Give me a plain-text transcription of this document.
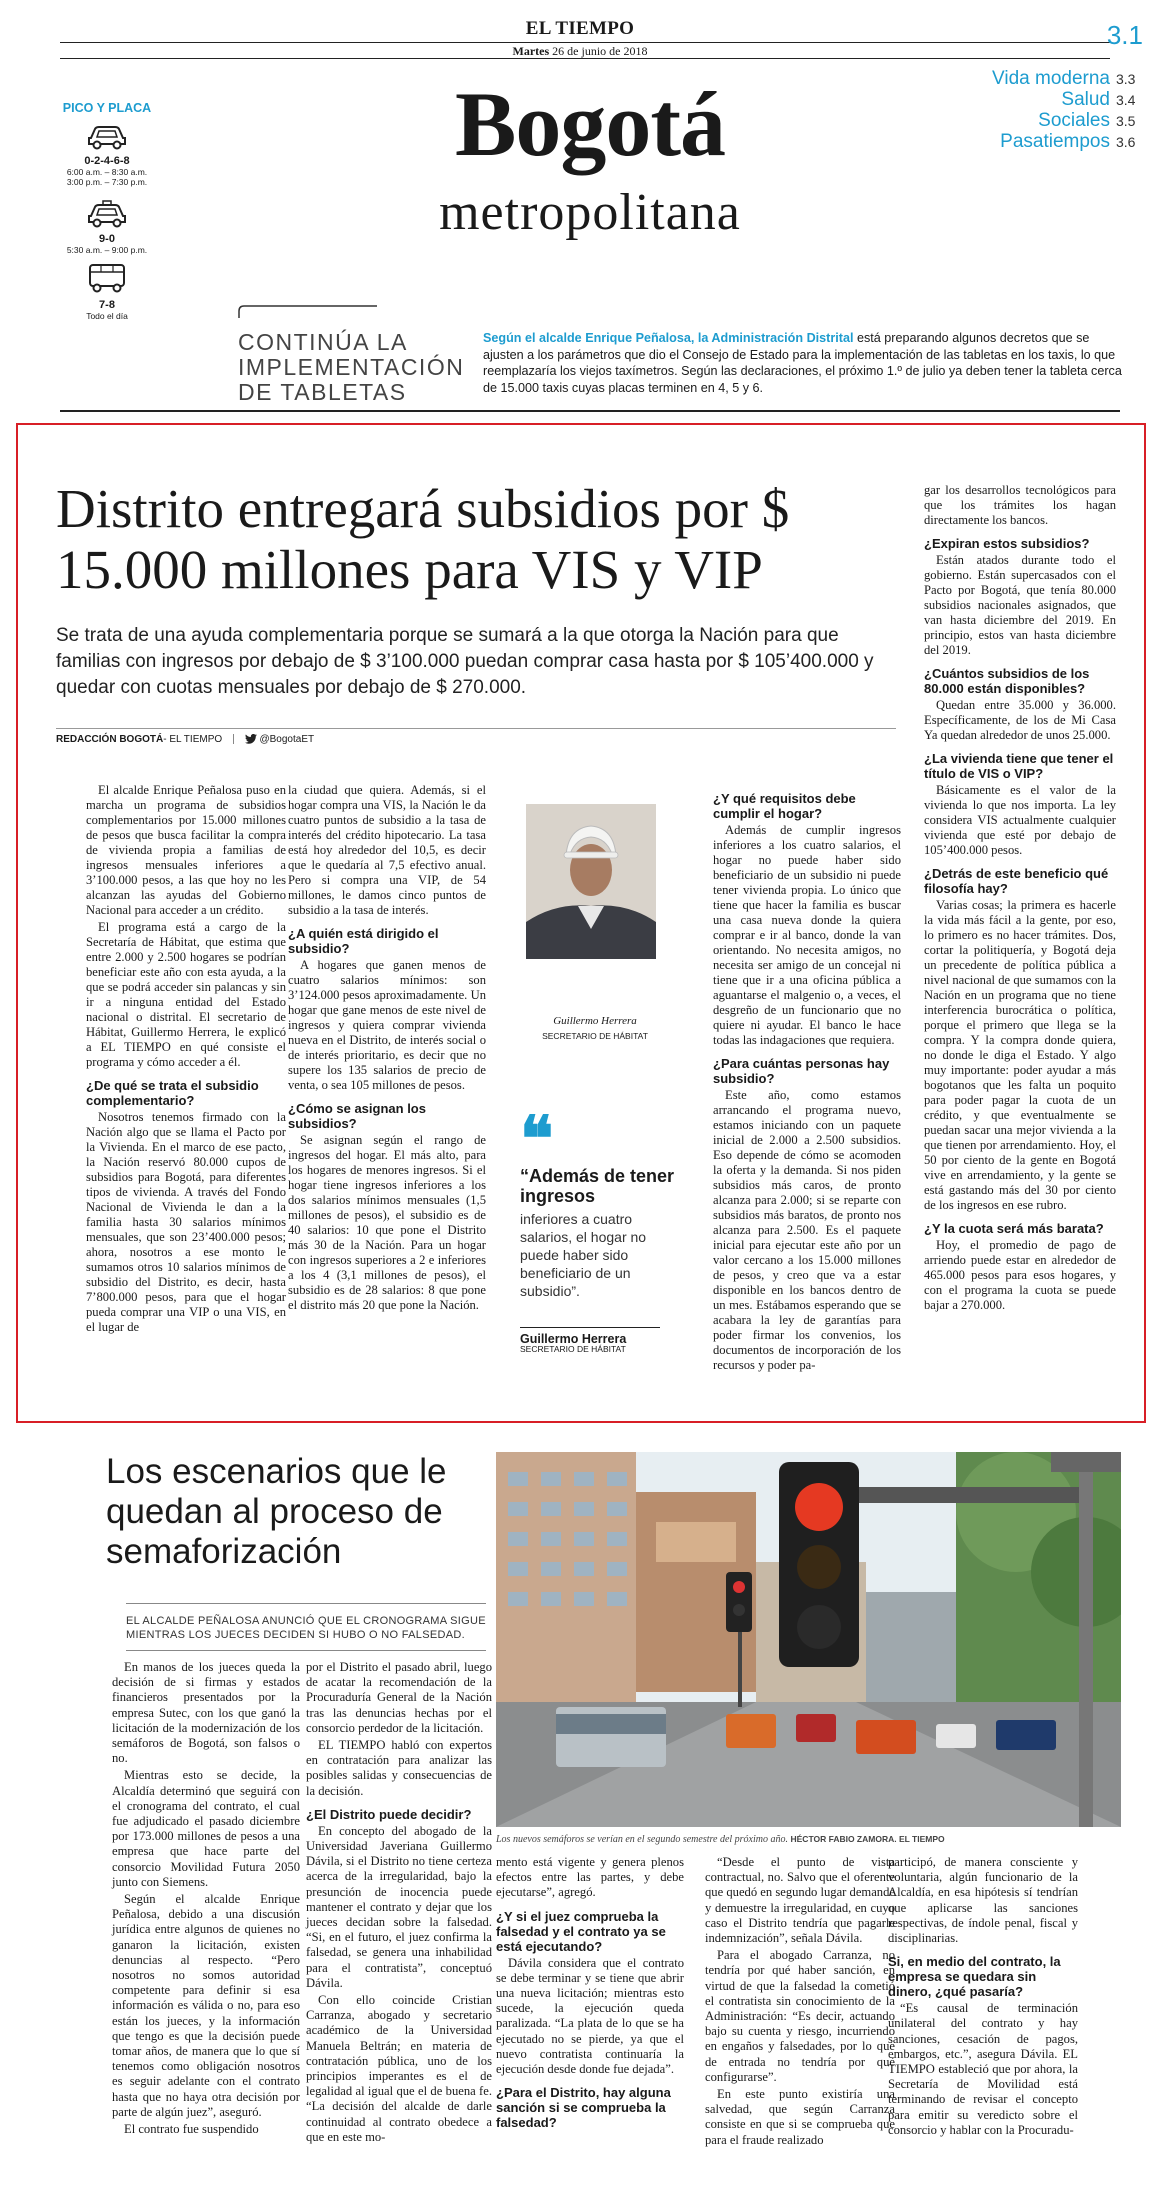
EL TIEMPO
Martes 26 de junio de 2018
3.1
PICO Y PLACA
0-2-4-6-8
6:00 a.m. – 8:30 a.m.
3:00 p.m. – 7:30 p.m.
9-0
5:30 a.m. – 9:00 p.m.
7-8
Todo el día
Bogotá
metropolitana
Vida moderna 3.3
Salud 3.4
Sociales 3.5
Pasatiempos 3.6
CONTINÚA LA IMPLEMENTACIÓN DE TABLETAS
Según el alcalde Enrique Peñalosa, la Administración Distrital está preparando algunos decretos que se ajusten a los parámetros que dio el Consejo de Estado para la implementación de las tabletas en los taxis, lo que reemplazaría los viejos taxímetros. Según las declaraciones, el próximo 1.º de julio ya deben tener la tableta cerca de 15.000 taxis cuyas placas terminen en 4, 5 y 6.
Distrito entregará subsidios por $ 15.000 millones para VIS y VIP
Se trata de una ayuda complementaria porque se sumará a la que otorga la Nación para que familias con ingresos por debajo de $ 3’100.000 puedan comprar casa hasta por $ 105’400.000 y quedar con cuotas mensuales por debajo de $ 270.000.
REDACCIÓN BOGOTÁ- EL TIEMPO	@BogotaET

El alcalde Enrique Peñalosa puso en marcha un programa de subsidios complementarios por 15.000 millones de pesos que busca facilitar la compra de vivienda propia a familias de ingresos mensuales inferiores a 3’100.000 pesos, a las que hoy no les alcanzan las ayudas del Gobierno Nacional para acceder a un crédito.

El programa está a cargo de la Secretaría de Hábitat, que estima que entre 2.000 y 2.500 hogares se podrían beneficiar este año con esta ayuda, a la que se podrá acceder sin palancas y sin ir a ninguna entidad del Estado nacional o distrital. El secretario de Hábitat, Guillermo Herrera, le explicó a EL TIEMPO en qué consiste el programa y cómo acceder a él.

¿De qué se trata el subsidio complementario?

Nosotros tenemos firmado con la Nación algo que se llama el Pacto por la Vivienda. En el marco de ese pacto, la Nación reservó 80.000 cupos de subsidios para Bogotá, para diferentes tipos de vivienda. A través del Fondo Nacional de Vivienda le dan a la familia hasta 30 salarios mínimos mensuales, que son 23’400.000 pesos; ahora, nosotros a ese monto le sumamos otros 10 salarios mínimos de subsidio del Distrito, es decir, hasta 7’800.000 pesos, para que el hogar pueda comprar una VIP o una VIS, en el lugar de

la ciudad que quiera. Además, si el hogar compra una VIS, la Nación le da cuatro puntos de subsidio a la tasa de interés del crédito hipotecario. La tasa está hoy alrededor del 10,5, es decir que le quedaría al 7,5 efectivo anual. Pero si compra una VIP, de 54 millones, le damos cinco puntos de subsidio a la tasa de interés.

¿A quién está dirigido el subsidio?

A hogares que ganen menos de cuatro salarios mínimos: son 3’124.000 pesos aproximadamente. Un hogar que gane menos de este nivel de ingresos y quiera comprar vivienda nueva en el Distrito, de interés social o de interés prioritario, es decir que no supere los 135 salarios de precio de venta, o sea 105 millones de pesos.

¿Cómo se asignan los subsidios?

Se asignan según el rango de ingresos del hogar. El más alto, para los hogares de menores ingresos. Si el hogar tiene ingresos inferiores a los dos salarios mínimos mensuales (1,5 millones de pesos), el subsidio es de 40 salarios: 10 que pone el Distrito más 30 de la Nación. Para un hogar con ingresos superiores a 2 e inferiores a los 4 (3,1 millones de pesos), el subsidio es de 28 salarios: 8 que pone el distrito más 20 que pone la Nación.

Guillermo Herrera
SECRETARIO DE HÁBITAT
❝
“Además de tener ingresos
inferiores a cuatro salarios, el hogar no puede haber sido beneficiario de un subsidio”.
Guillermo Herrera
SECRETARIO DE HÁBITAT
¿Y qué requisitos debe cumplir el hogar?

Además de cumplir ingresos inferiores a los cuatro salarios, el hogar no puede haber sido beneficiario de un subsidio ni puede tener vivienda propia. Lo único que tiene que hacer la familia es buscar una casa nueva donde la quiera comprar e ir al banco, donde la van orientando. No necesita amigos, no necesita ser amigo de un concejal ni tiene que ir a una oficina pública a aguantarse el malgenio o, a veces, el desgreño de un funcionario que no quiere ni ayudar. El banco le hace todas las indagaciones que requiera.

¿Para cuántas personas hay subsidio?

Este año, como estamos arrancando el programa nuevo, estamos iniciando con un paquete inicial de 2.000 a 2.500 subsidios. Eso depende de cómo se acomoden la oferta y la demanda. Si nos piden subsidios más caros, de pronto alcanza para 2.000; si se reparte con subsidios más baratos, de pronto nos alcanza para 2.500. Es el paquete inicial para ejecutar este año por un valor cercano a los 15.000 millones de pesos, y creo que va a estar disponible en los bancos dentro de un mes. Estábamos esperando que se acabara la ley de garantías para poder firmar los convenios, los documentos de incorporación de los recursos y poder pa-

gar los desarrollos tecnológicos para que los trámites los hagan directamente los bancos.

¿Expiran estos subsidios?

Están atados durante todo el gobierno. Están supercasados con el Pacto por Bogotá, que tenía 80.000 subsidios nacionales asignados, que van hasta diciembre del 2019. En principio, estos van hasta diciembre del 2019.

¿Cuántos subsidios de los 80.000 están disponibles?

Quedan entre 35.000 y 36.000. Específicamente, de los de Mi Casa Ya quedan alrededor de unos 25.000.

¿La vivienda tiene que tener el título de VIS o VIP?

Básicamente es el valor de la vivienda lo que nos importa. La ley considera VIS actualmente cualquier vivienda que esté por debajo de 105’400.000 pesos.

¿Detrás de este beneficio qué filosofía hay?

Varias cosas; la primera es hacerle la vida más fácil a la gente, por eso, lo primero es no hacer trámites. Dos, cortar la politiquería, y Bogotá deja un precedente de política pública a nivel nacional de que sumamos con la Nación en un programa que no tiene interferencia burocrática o política, porque el primero que llega se la compra. Y la compra donde quiera, no donde le diga el Estado. Y algo muy importante: poder ayudar a más bogotanos que les falta un poquito para poder pagar la cuota de un crédito, y que eventualmente se puedan sacar una mejor vivienda a la que tienen por arrendamiento. Hoy, el 50 por ciento de la gente en Bogotá vive en arrendamiento, y la gente se está gastando más del 30 por ciento de los ingresos en ese rubro.

¿Y la cuota será más barata?

Hoy, el promedio de pago de arriendo puede estar en alrededor de 465.000 pesos para esos hogares, y con el programa la cuota se puede bajar a 270.000.

Los escenarios que le quedan al proceso de semaforización
EL ALCALDE PEÑALOSA ANUNCIÓ QUE EL CRONOGRAMA SIGUE MIENTRAS LOS JUECES DECIDEN SI HUBO O NO FALSEDAD.
Los nuevos semáforos se verían en el segundo semestre del próximo año. HÉCTOR FABIO ZAMORA. EL TIEMPO

En manos de los jueces queda la decisión de si firmas y estados financieros presentados por la empresa Sutec, con los que ganó la licitación de la modernización de los semáforos de Bogotá, son falsos o no.

Mientras esto se decide, la Alcaldía determinó que seguirá con el cronograma del contrato, el cual fue adjudicado el pasado diciembre por 173.000 millones de pesos a una empresa que hace parte del consorcio Movilidad Futura 2050 junto con Siemens.

Según el alcalde Enrique Peñalosa, debido a una discusión jurídica entre algunos de quienes no ganaron la licitación, existen denuncias al respecto. “Pero nosotros no somos autoridad competente para definir si esa información es válida o no, para eso están los jueces, y la información que tengo es que la decisión puede tomar años, de manera que lo que sí tenemos como obligación nosotros es seguir adelante con el contrato hasta que no haya otra decisión por parte de algún juez”, aseguró.

El contrato fue suspendido

por el Distrito el pasado abril, luego de acatar la recomendación de la Procuraduría General de la Nación tras las denuncias hechas por el consorcio perdedor de la licitación.

EL TIEMPO habló con expertos en contratación para analizar las posibles salidas y consecuencias de la decisión.

¿El Distrito puede decidir?

En concepto del abogado de la Universidad Javeriana Guillermo Dávila, si el Distrito no tiene certeza acerca de la irregularidad, bajo la presunción de inocencia puede mantener el contrato y dejar que los jueces decidan sobre la falsedad. “Si, en el futuro, el juez confirma la falsedad, se genera una inhabilidad para el contratista”, conceptuó Dávila.

Con ello coincide Cristian Carranza, abogado y secretario académico de la Universidad Manuela Beltrán; en materia de contratación pública, uno de los principios imperantes es el de legalidad al igual que el de buena fe. “La decisión del alcalde de darle continuidad al contrato obedece a que en este mo-

mento está vigente y genera plenos efectos entre las partes, y debe ejecutarse”, agregó.

¿Y si el juez comprueba la falsedad y el contrato ya se está ejecutando?

Dávila considera que el contrato se debe terminar y se tiene que abrir una nueva licitación; mientras esto sucede, la ejecución queda paralizada. “La plata de lo que se ha ejecutado no se pierde, ya que el nuevo contratista continuaría la ejecución desde donde fue dejada”.

¿Para el Distrito, hay alguna sanción si se comprueba la falsedad?

“Desde el punto de vista contractual, no. Salvo que el oferente que quedó en segundo lugar demande y demuestre la irregularidad, en cuyo caso el Distrito tendría que pagarle indemnización”, señala Dávila.

Para el abogado Carranza, no tendría por qué haber sanción, en virtud de que la falsedad la cometió el contratista sin conocimiento de la Administración: “Es decir, actuando bajo su cuenta y riesgo, incurriendo en engaños y falsedades, por lo que de entrada no tendría por qué configurarse”.

En este punto existiría una salvedad, que según Carranza consiste en que si se comprueba que para el fraude realizado

participó, de manera consciente y voluntaria, algún funcionario de la Alcaldía, en esa hipótesis sí tendrían que aplicarse las sanciones respectivas, de índole penal, fiscal y disciplinarias.

Si, en medio del contrato, la empresa se quedara sin dinero, ¿qué pasaría?

“Es causal de terminación unilateral del contrato y hay sanciones, cesación de pagos, embargos, etc.”, asegura Dávila. EL TIEMPO estableció que por ahora, la Secretaría de Movilidad está terminando de revisar el concepto para emitir su veredicto sobre el consorcio y hablar con la Procuradu-
